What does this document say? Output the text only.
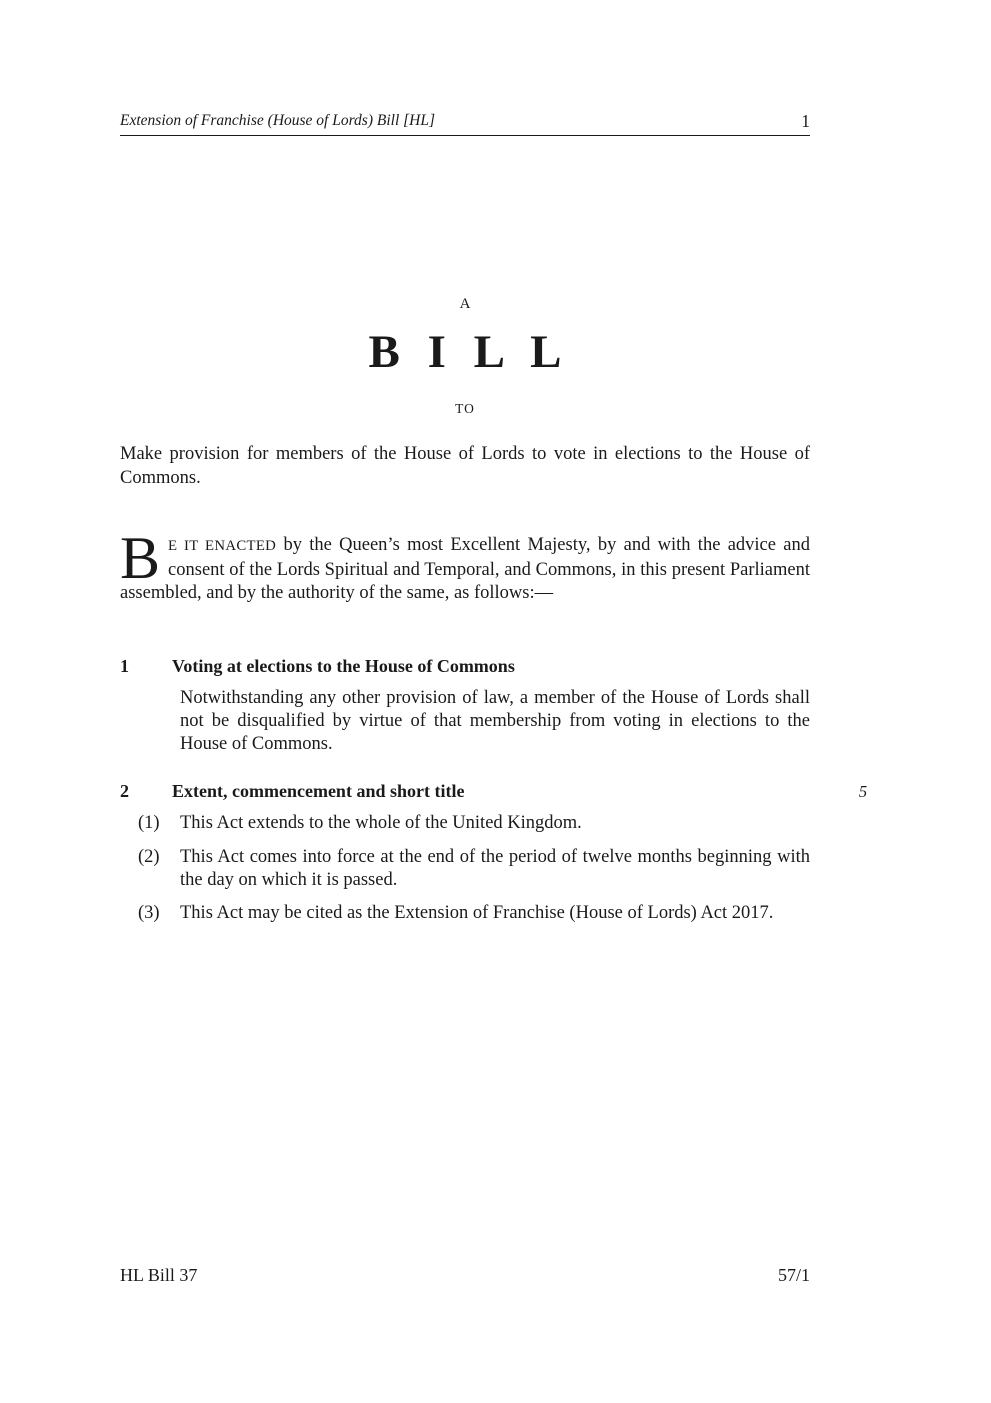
Extension of Franchise (House of Lords) Bill [HL]	1
A
B I L L
TO

Make provision for members of the House of Lords to vote in elections to the House of Commons.

B E IT ENACTED by the Queen’s most Excellent Majesty, by and with the advice and consent of the Lords Spiritual and Temporal, and Commons, in this present Parliament assembled, and by the authority of the same, as follows:—

1	Voting at elections to the House of Commons

Notwithstanding any other provision of law, a member of the House of Lords shall not be disqualified by virtue of that membership from voting in elections to the House of Commons.

2	Extent, commencement and short title	5
(1)	This Act extends to the whole of the United Kingdom.
(2)	This Act comes into force at the end of the period of twelve months beginning with the day on which it is passed.
(3)	This Act may be cited as the Extension of Franchise (House of Lords) Act 2017.
HL Bill 37	57/1
